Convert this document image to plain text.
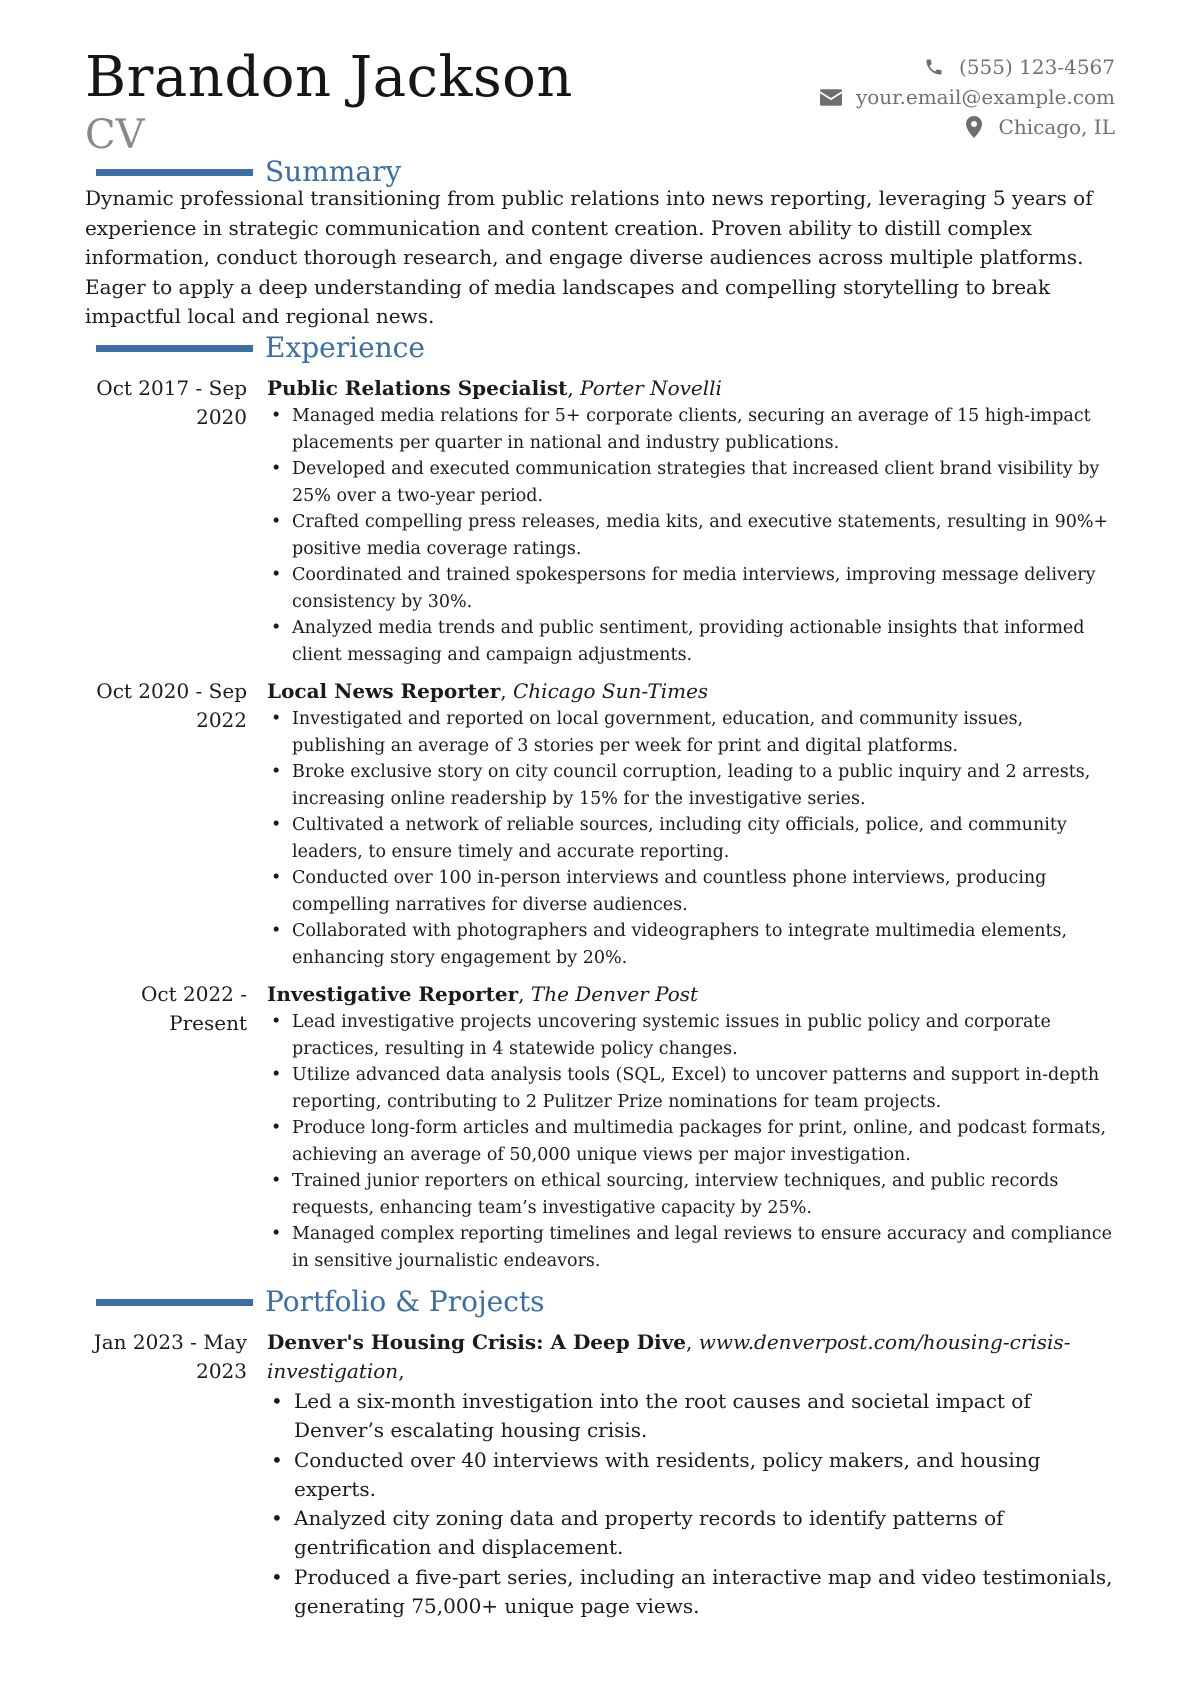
Brandon Jackson
CV
(555) 123-4567
your.email@example.com
Chicago, IL
Summary
Dynamic professional transitioning from public relations into news reporting, leveraging 5 years of experience in strategic communication and content creation. Proven ability to distill complex information, conduct thorough research, and engage diverse audiences across multiple platforms. Eager to apply a deep understanding of media landscapes and compelling storytelling to break impactful local and regional news.
Experience
Oct 2017 - Sep 2020
Public Relations Specialist, Porter Novelli
• Managed media relations for 5+ corporate clients, securing an average of 15 high-impact placements per quarter in national and industry publications.
• Developed and executed communication strategies that increased client brand visibility by 25% over a two-year period.
• Crafted compelling press releases, media kits, and executive statements, resulting in 90%+ positive media coverage ratings.
• Coordinated and trained spokespersons for media interviews, improving message delivery consistency by 30%.
• Analyzed media trends and public sentiment, providing actionable insights that informed client messaging and campaign adjustments.
Oct 2020 - Sep 2022
Local News Reporter, Chicago Sun-Times
• Investigated and reported on local government, education, and community issues, publishing an average of 3 stories per week for print and digital platforms.
• Broke exclusive story on city council corruption, leading to a public inquiry and 2 arrests, increasing online readership by 15% for the investigative series.
• Cultivated a network of reliable sources, including city officials, police, and community leaders, to ensure timely and accurate reporting.
• Conducted over 100 in-person interviews and countless phone interviews, producing compelling narratives for diverse audiences.
• Collaborated with photographers and videographers to integrate multimedia elements, enhancing story engagement by 20%.
Oct 2022 - Present
Investigative Reporter, The Denver Post
• Lead investigative projects uncovering systemic issues in public policy and corporate practices, resulting in 4 statewide policy changes.
• Utilize advanced data analysis tools (SQL, Excel) to uncover patterns and support in-depth reporting, contributing to 2 Pulitzer Prize nominations for team projects.
• Produce long-form articles and multimedia packages for print, online, and podcast formats, achieving an average of 50,000 unique views per major investigation.
• Trained junior reporters on ethical sourcing, interview techniques, and public records requests, enhancing team’s investigative capacity by 25%.
• Managed complex reporting timelines and legal reviews to ensure accuracy and compliance in sensitive journalistic endeavors.
Portfolio & Projects
Jan 2023 - May 2023
Denver's Housing Crisis: A Deep Dive, www.denverpost.com/housing-crisis-investigation,
• Led a six-month investigation into the root causes and societal impact of Denver’s escalating housing crisis.
• Conducted over 40 interviews with residents, policy makers, and housing experts.
• Analyzed city zoning data and property records to identify patterns of gentrification and displacement.
• Produced a five-part series, including an interactive map and video testimonials, generating 75,000+ unique page views.
